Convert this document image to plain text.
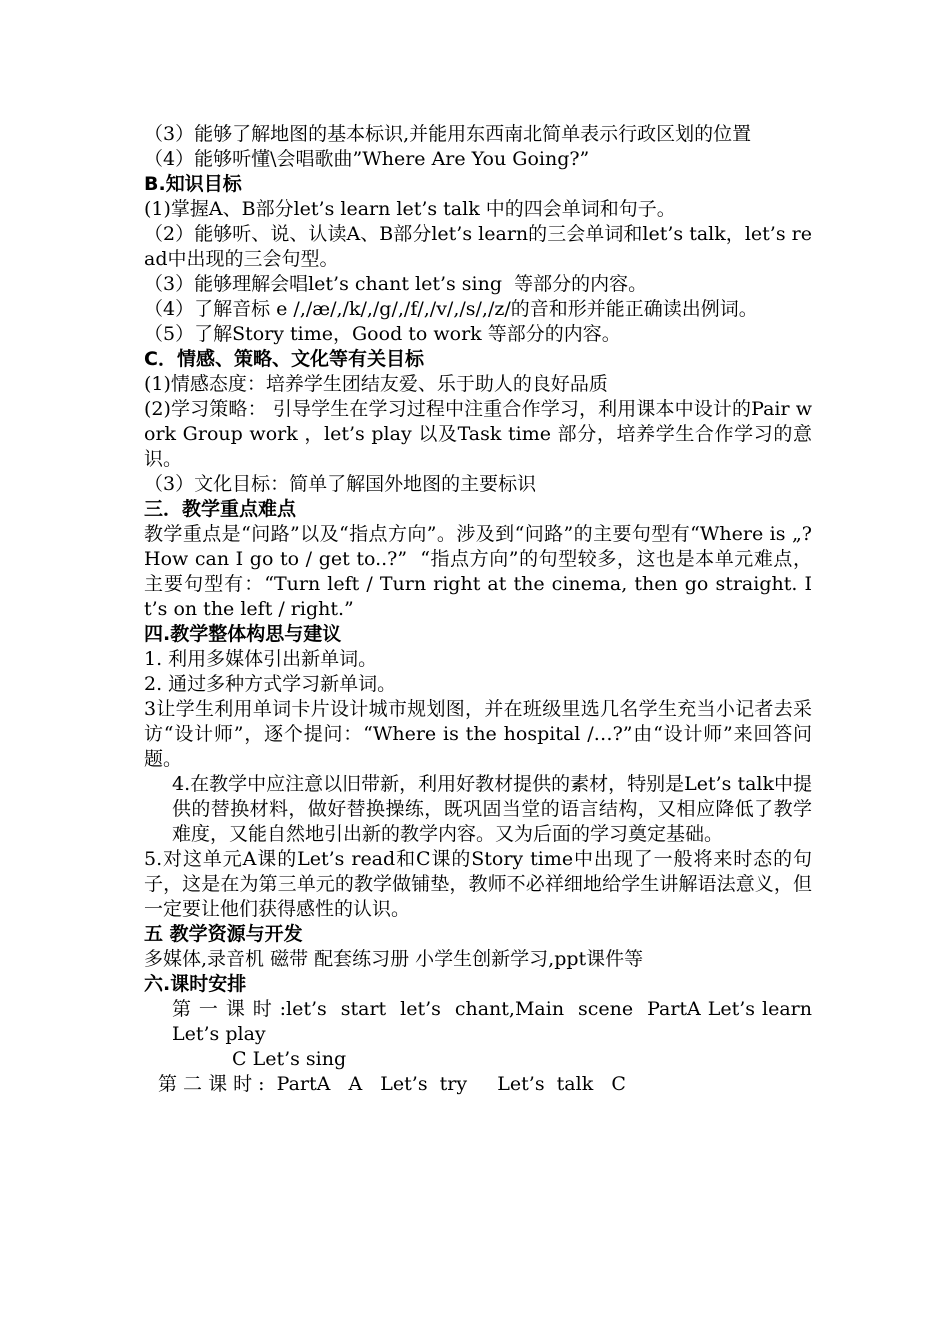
（3）能够了解地图的基本标识,并能用东西南北简单表示行政区划的位置
（4）能够听懂\会唱歌曲”Where Are You Going?”
B.知识目标
(1)掌握A、B部分let’s learn let’s talk 中的四会单词和句子。
（2）能够听、说、认读A、B部分let’s learn的三会单词和let’s talk，let’s read中出现的三会句型。
（3）能够理解会唱let’s chant let’s sing  等部分的内容。
（4）了解音标 e /,/æ/,/k/,/g/,/f/,/v/,/s/,/z/的音和形并能正确读出例词。
（5）了解Story time，Good to work 等部分的内容。
C．情感、策略、文化等有关目标
(1)情感态度：培养学生团结友爱、乐于助人的良好品质
(2)学习策略： 引导学生在学习过程中注重合作学习，利用课本中设计的Pair work Group work ，let’s play 以及Task time 部分，培养学生合作学习的意识。
（3）文化目标：简单了解国外地图的主要标识
三．教学重点难点
教学重点是“问路”以及“指点方向”。涉及到“问路”的主要句型有“Where is „? How can I go to / get to..?”  “指点方向”的句型较多，这也是本单元难点，主要句型有：“Turn left / Turn right at the cinema, then go straight. It’s on the left / right.”
四.教学整体构思与建议
1. 利用多媒体引出新单词。
2. 通过多种方式学习新单词。
3让学生利用单词卡片设计城市规划图，并在班级里选几名学生充当小记者去采访“设计师”，逐个提问：“Where is the hospital /…?”由“设计师”来回答问题。
4.在教学中应注意以旧带新，利用好教材提供的素材，特别是Let’s talk中提供的替换材料，做好替换操练，既巩固当堂的语言结构，又相应降低了教学难度，又能自然地引出新的教学内容。又为后面的学习奠定基础。
5.对这单元A课的Let’s read和C课的Story time中出现了一般将来时态的句子，这是在为第三单元的教学做铺垫，教师不必祥细地给学生讲解语法意义，但一定要让他们获得感性的认识。
五 教学资源与开发
多媒体,录音机 磁带 配套练习册 小学生创新学习,ppt课件等
六.课时安排
第 一 课 时 :let’s  start  let’s  chant,Main  scene  PartA Let’s learn  Let’s play
C Let’s sing
第 二 课 时 :  PartA   A   Let’s  try     Let’s  talk   C
